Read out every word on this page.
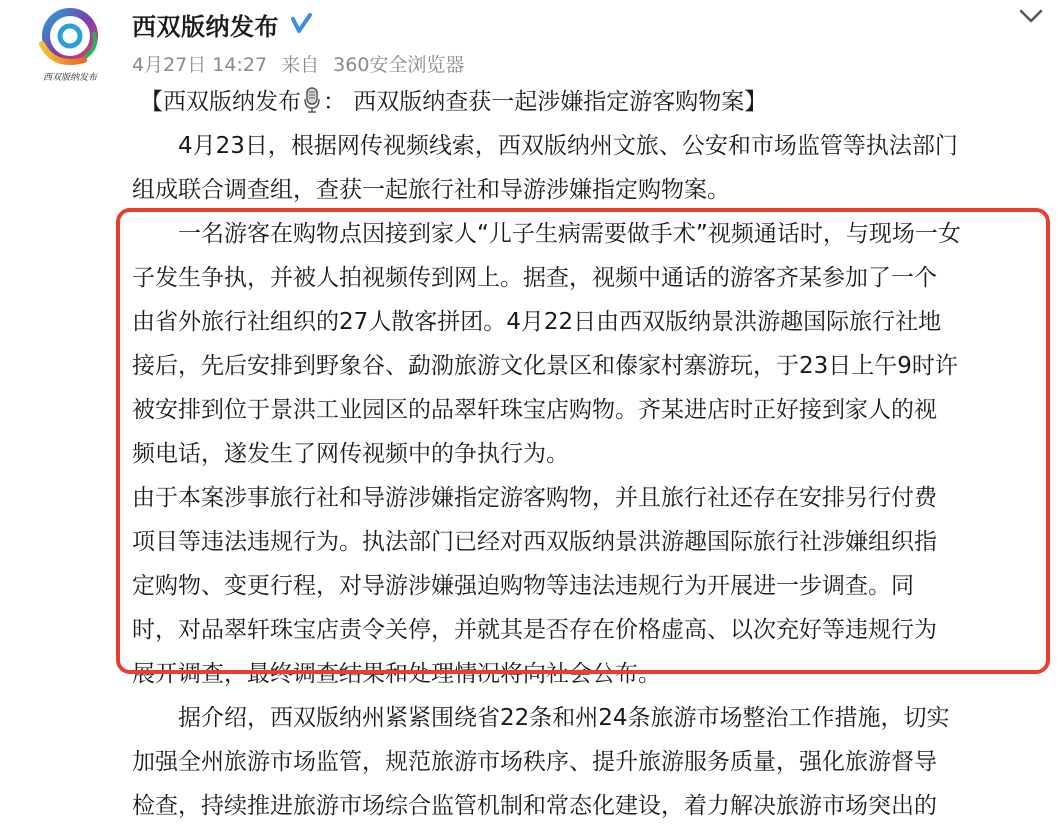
西双版纳发布
西双版纳发布
4月27日 14:27 来自 360安全浏览器
【西双版纳发布 ： 西双版纳查获一起涉嫌指定游客购物案】
4月23日，根据网传视频线索，西双版纳州文旅、公安和市场监管等执法部门
组成联合调查组，查获一起旅行社和导游涉嫌指定购物案。
一名游客在购物点因接到家人“儿子生病需要做手术”视频通话时，与现场一女
子发生争执，并被人拍视频传到网上。据查，视频中通话的游客齐某参加了一个
由省外旅行社组织的27人散客拼团。4月22日由西双版纳景洪游趣国际旅行社地
接后，先后安排到野象谷、勐泐旅游文化景区和傣家村寨游玩，于23日上午9时许
被安排到位于景洪工业园区的品翠轩珠宝店购物。齐某进店时正好接到家人的视
频电话，遂发生了网传视频中的争执行为。
由于本案涉事旅行社和导游涉嫌指定游客购物，并且旅行社还存在安排另行付费
项目等违法违规行为。执法部门已经对西双版纳景洪游趣国际旅行社涉嫌组织指
定购物、变更行程，对导游涉嫌强迫购物等违法违规行为开展进一步调查。同
时，对品翠轩珠宝店责令关停，并就其是否存在价格虚高、以次充好等违规行为
展开调查，最终调查结果和处理情况将向社会公布。
据介绍，西双版纳州紧紧围绕省22条和州24条旅游市场整治工作措施，切实
加强全州旅游市场监管，规范旅游市场秩序、提升旅游服务质量，强化旅游督导
检查，持续推进旅游市场综合监管机制和常态化建设，着力解决旅游市场突出的
